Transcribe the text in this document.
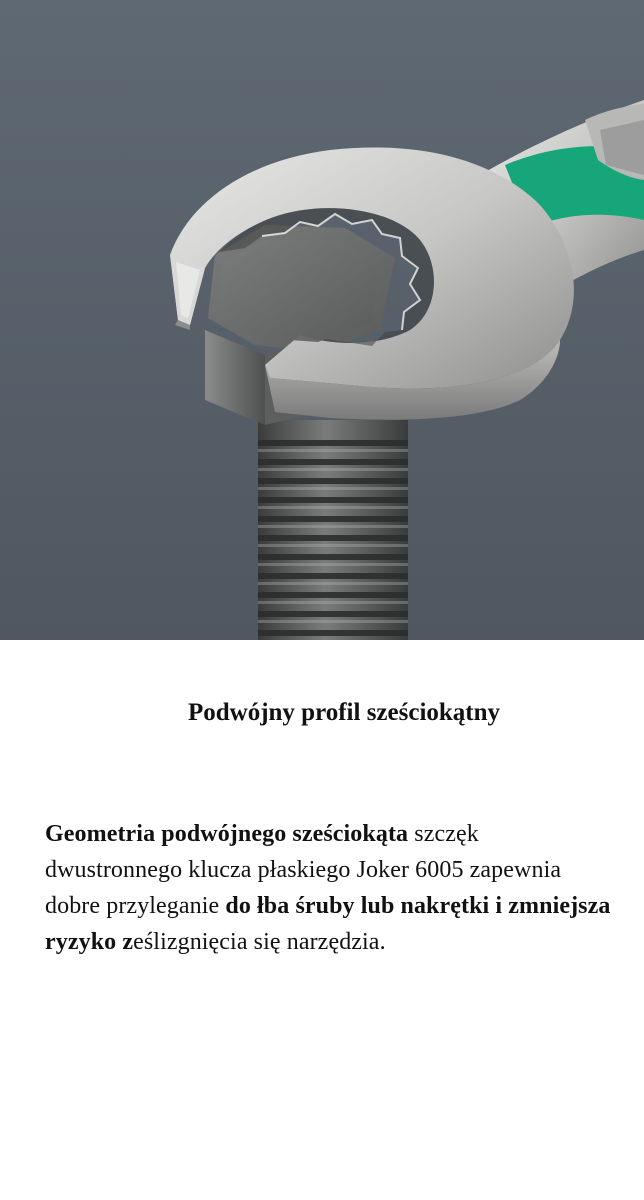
Podwójny profil sześciokątny

Geometria podwójnego sześciokąta szczęk dwustronnego klucza płaskiego Joker 6005 zapewnia dobre przyleganie do łba śruby lub nakrętki i zmniejsza ryzyko ześlizgnięcia się narzędzia.
